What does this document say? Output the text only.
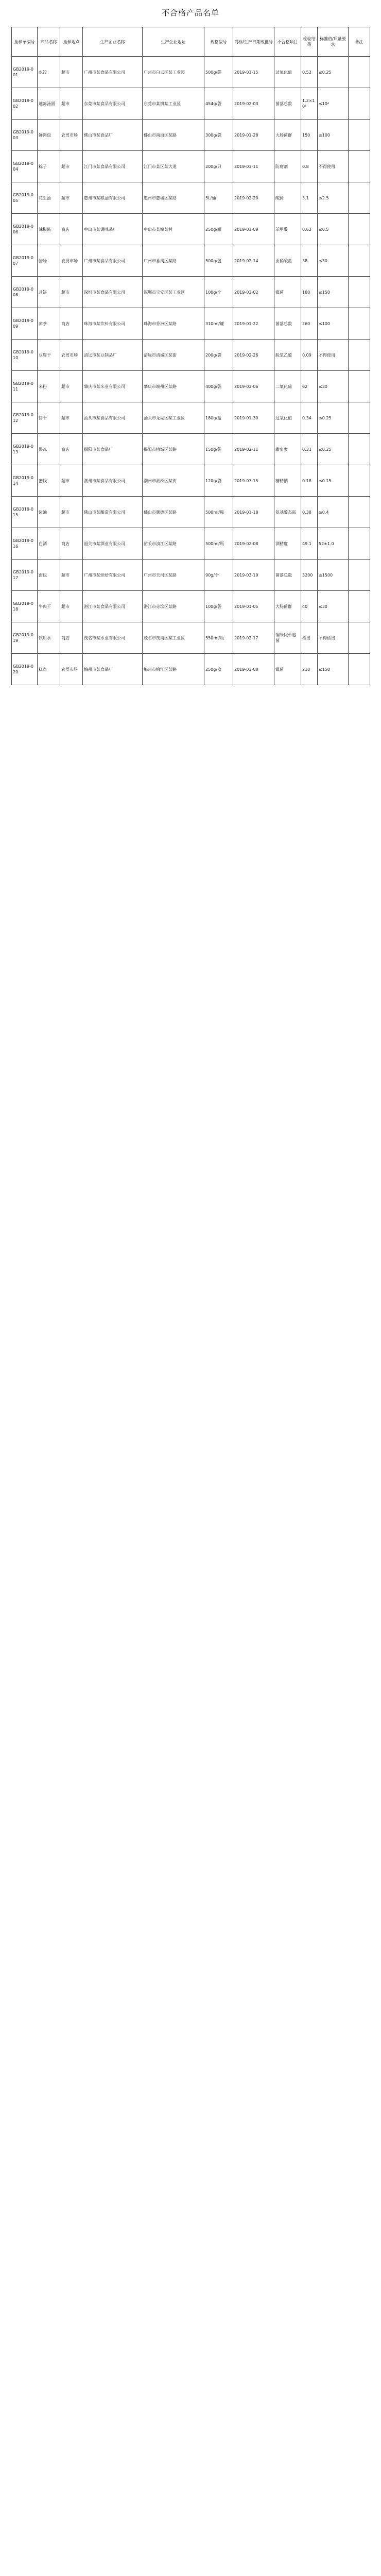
不合格产品名单
抽样单编号	产品名称	抽样地点	生产企业名称	生产企业地址	规格型号	商标/生产日期或批号	不合格项目	检验结果	标准值/质量要求	备注
GB2019-001	水饺	超市	广州市某食品有限公司	广州市白云区某工业园	500g/袋	2019-01-15	过氧化值	0.52	≤0.25	
GB2019-002	速冻汤圆	超市	东莞市某食品有限公司	东莞市某镇某工业区	454g/袋	2019-02-03	菌落总数	1.2×10⁵	≤10⁴	
GB2019-003	鲜肉包	农贸市场	佛山市某食品厂	佛山市南海区某路	300g/袋	2019-01-28	大肠菌群	150	≤100	
GB2019-004	粽子	超市	江门市某食品有限公司	江门市某区某大道	200g/只	2019-03-11	防腐剂	0.8	不得使用	
GB2019-005	花生油	超市	惠州市某粮油有限公司	惠州市惠城区某路	5L/桶	2019-02-20	酸价	3.1	≤2.5	
GB2019-006	辣椒酱	商店	中山市某调味品厂	中山市某镇某村	250g/瓶	2019-01-09	苯甲酸	0.62	≤0.5	
GB2019-007	腊肠	农贸市场	广州市某食品有限公司	广州市番禺区某路	500g/包	2019-02-14	亚硝酸盐	38	≤30	
GB2019-008	月饼	超市	深圳市某食品有限公司	深圳市宝安区某工业区	100g/个	2019-03-02	霉菌	180	≤150	
GB2019-009	凉茶	商店	珠海市某饮料有限公司	珠海市香洲区某路	310ml/罐	2019-01-22	菌落总数	260	≤100	
GB2019-010	豆腐干	农贸市场	清远市某豆制品厂	清远市清城区某街	200g/袋	2019-02-26	脱氢乙酸	0.09	不得使用	
GB2019-011	米粉	超市	肇庆市某米业有限公司	肇庆市端州区某路	400g/袋	2019-03-06	二氧化硫	62	≤30	
GB2019-012	饼干	超市	汕头市某食品有限公司	汕头市龙湖区某工业区	180g/盒	2019-01-30	过氧化值	0.34	≤0.25	
GB2019-013	果冻	商店	揭阳市某食品厂	揭阳市榕城区某路	150g/袋	2019-02-11	甜蜜素	0.31	≤0.25	
GB2019-014	蜜饯	超市	潮州市某食品有限公司	潮州市湘桥区某街	120g/袋	2019-03-15	糖精钠	0.18	≤0.15	
GB2019-015	酱油	超市	佛山市某酿造有限公司	佛山市顺德区某路	500ml/瓶	2019-01-18	氨基酸态氮	0.38	≥0.4	
GB2019-016	白酒	商店	韶关市某酒业有限公司	韶关市浈江区某路	500ml/瓶	2019-02-08	酒精度	49.1	52±1.0	
GB2019-017	面包	超市	广州市某烘焙有限公司	广州市天河区某路	90g/个	2019-03-19	菌落总数	3200	≤1500	
GB2019-018	牛肉干	超市	湛江市某食品有限公司	湛江市赤坎区某路	100g/袋	2019-01-05	大肠菌群	40	≤30	
GB2019-019	饮用水	商店	茂名市某水业有限公司	茂名市茂南区某工业区	550ml/瓶	2019-02-17	铜绿假单胞菌	检出	不得检出	
GB2019-020	糕点	农贸市场	梅州市某食品厂	梅州市梅江区某路	250g/盒	2019-03-08	霉菌	210	≤150	
